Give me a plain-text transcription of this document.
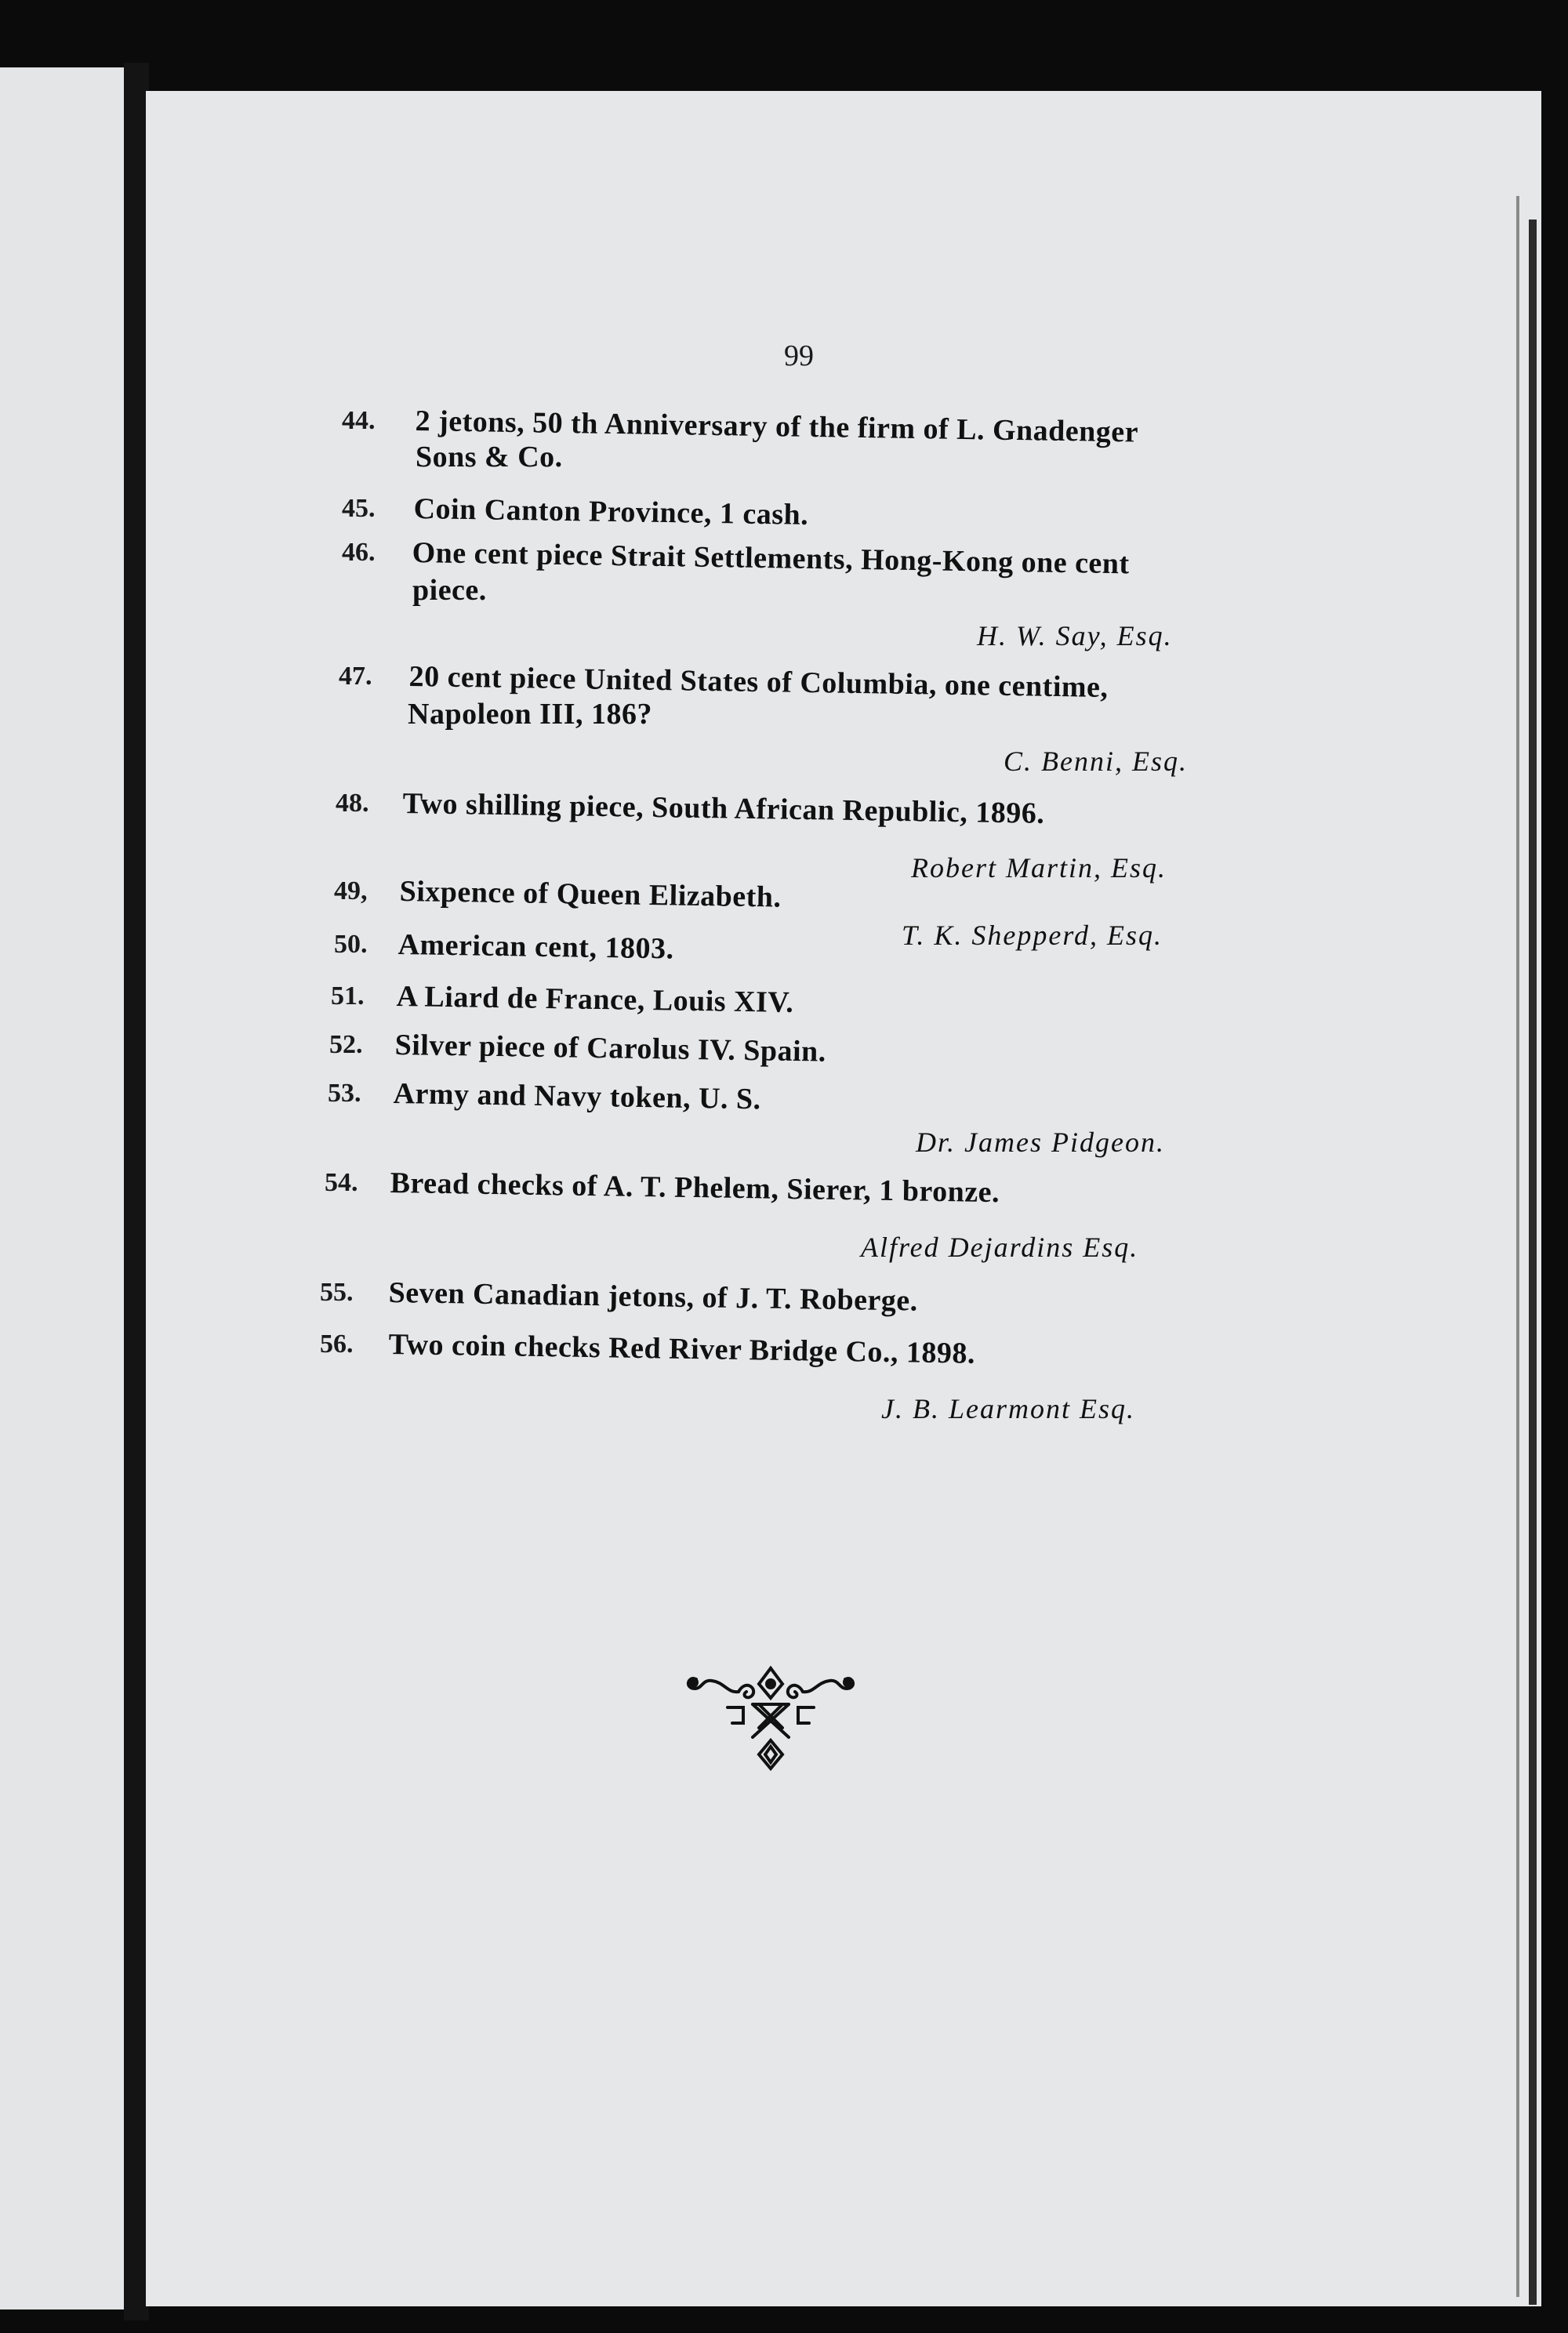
99
44. 2 jetons, 50 th Anniversary of the firm of L. Gnadenger
Sons & Co.
45. Coin Canton Province, 1 cash.
46. One cent piece Strait Settlements, Hong-Kong one cent
piece.
H. W. Say, Esq.
47. 20 cent piece United States of Columbia, one centime,
Napoleon III, 186?
C. Benni, Esq.
48. Two shilling piece, South African Republic, 1896.
Robert Martin, Esq.
49, Sixpence of Queen Elizabeth.
50. American cent, 1803.	T. K. Shepperd, Esq.
51. A Liard de France, Louis XIV.
52. Silver piece of Carolus IV. Spain.
53. Army and Navy token, U. S.
Dr. James Pidgeon.
54. Bread checks of A. T. Phelem, Sierer, 1 bronze.
Alfred Dejardins Esq.
55. Seven Canadian jetons, of J. T. Roberge.
56. Two coin checks Red River Bridge Co., 1898.
J. B. Learmont Esq.
